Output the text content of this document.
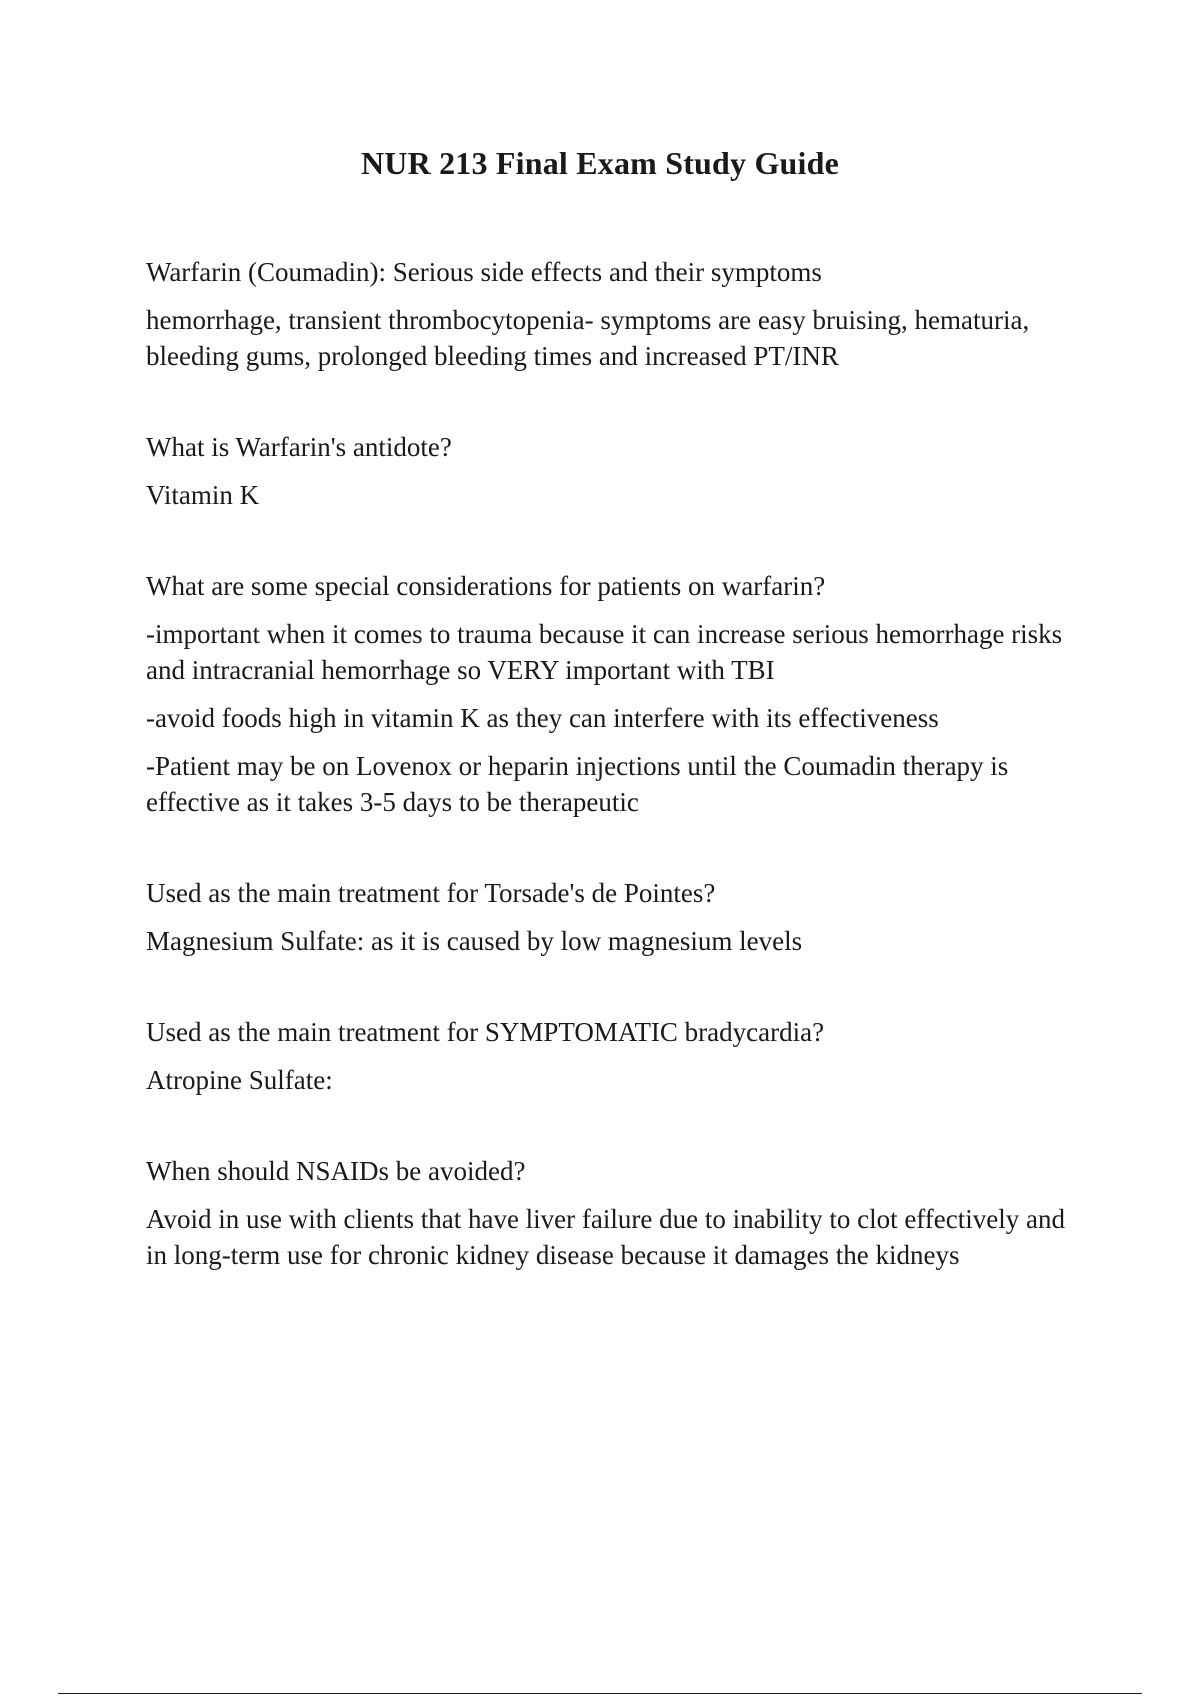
NUR 213 Final Exam Study Guide

Warfarin (Coumadin): Serious side effects and their symptoms

hemorrhage, transient thrombocytopenia- symptoms are easy bruising, hematuria, bleeding gums, prolonged bleeding times and increased PT/INR

What is Warfarin's antidote?

Vitamin K

What are some special considerations for patients on warfarin?

-important when it comes to trauma because it can increase serious hemorrhage risks and intracranial hemorrhage so VERY important with TBI

-avoid foods high in vitamin K as they can interfere with its effectiveness

-Patient may be on Lovenox or heparin injections until the Coumadin therapy is effective as it takes 3-5 days to be therapeutic

Used as the main treatment for Torsade's de Pointes?

Magnesium Sulfate: as it is caused by low magnesium levels

Used as the main treatment for SYMPTOMATIC bradycardia?

Atropine Sulfate:

When should NSAIDs be avoided?

Avoid in use with clients that have liver failure due to inability to clot effectively and in long-term use for chronic kidney disease because it damages the kidneys
